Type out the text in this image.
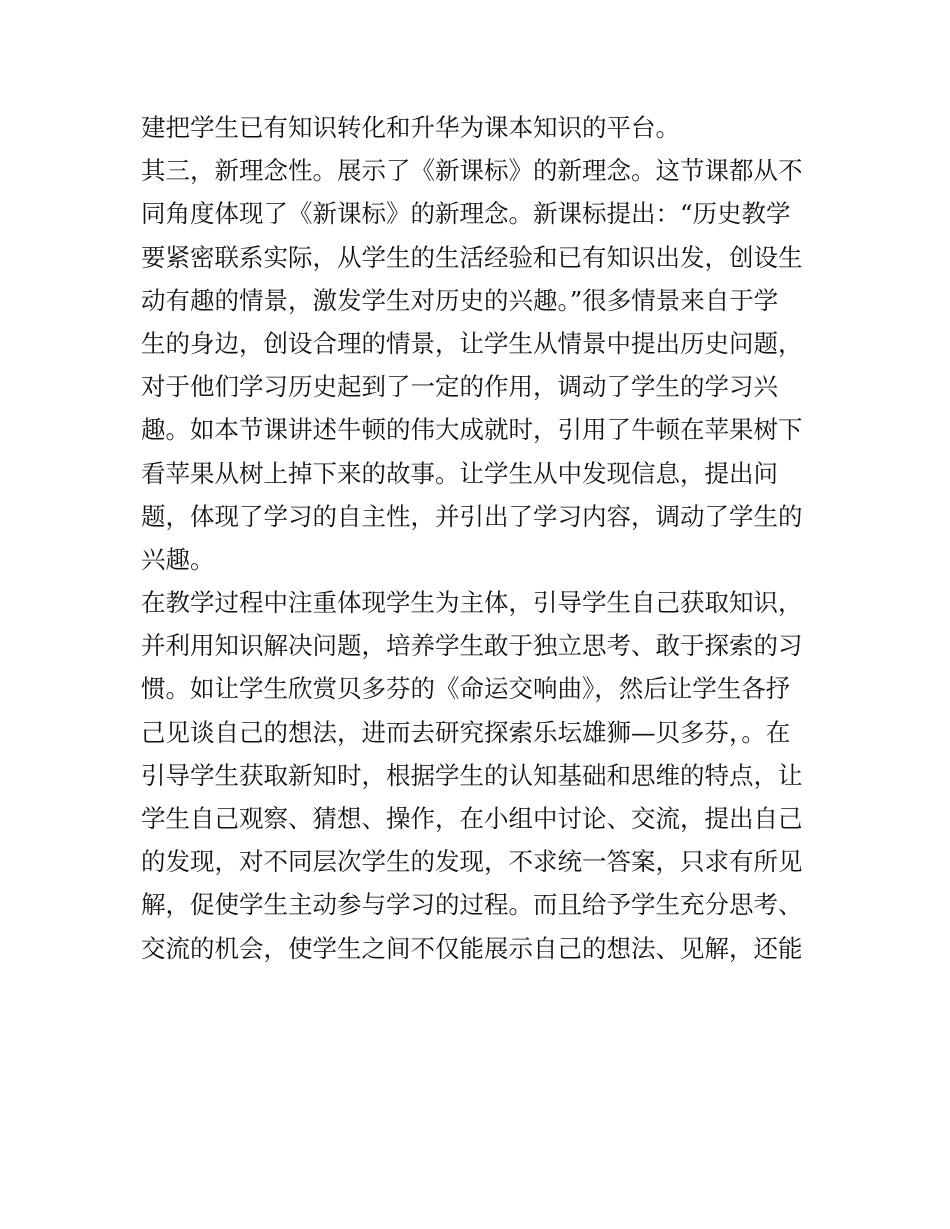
建把学生已有知识转化和升华为课本知识的平台。
其三，新理念性。展示了《新课标》的新理念。这节课都从不
同角度体现了《新课标》的新理念。新课标提出：“历史教学
要紧密联系实际，从学生的生活经验和已有知识出发，创设生
动有趣的情景，激发学生对历史的兴趣。”很多情景来自于学
生的身边，创设合理的情景，让学生从情景中提出历史问题，
对于他们学习历史起到了一定的作用，调动了学生的学习兴
趣。如本节课讲述牛顿的伟大成就时，引用了牛顿在苹果树下
看苹果从树上掉下来的故事。让学生从中发现信息，提出问
题，体现了学习的自主性，并引出了学习内容，调动了学生的
兴趣。
在教学过程中注重体现学生为主体，引导学生自己获取知识，
并利用知识解决问题，培养学生敢于独立思考、敢于探索的习
惯。如让学生欣赏贝多芬的《命运交响曲》，然后让学生各抒
己见谈自己的想法，进而去研究探索乐坛雄狮—贝多芬，。在
引导学生获取新知时，根据学生的认知基础和思维的特点，让
学生自己观察、猜想、操作，在小组中讨论、交流，提出自己
的发现，对不同层次学生的发现，不求统一答案，只求有所见
解，促使学生主动参与学习的过程。而且给予学生充分思考、
交流的机会，使学生之间不仅能展示自己的想法、见解，还能
